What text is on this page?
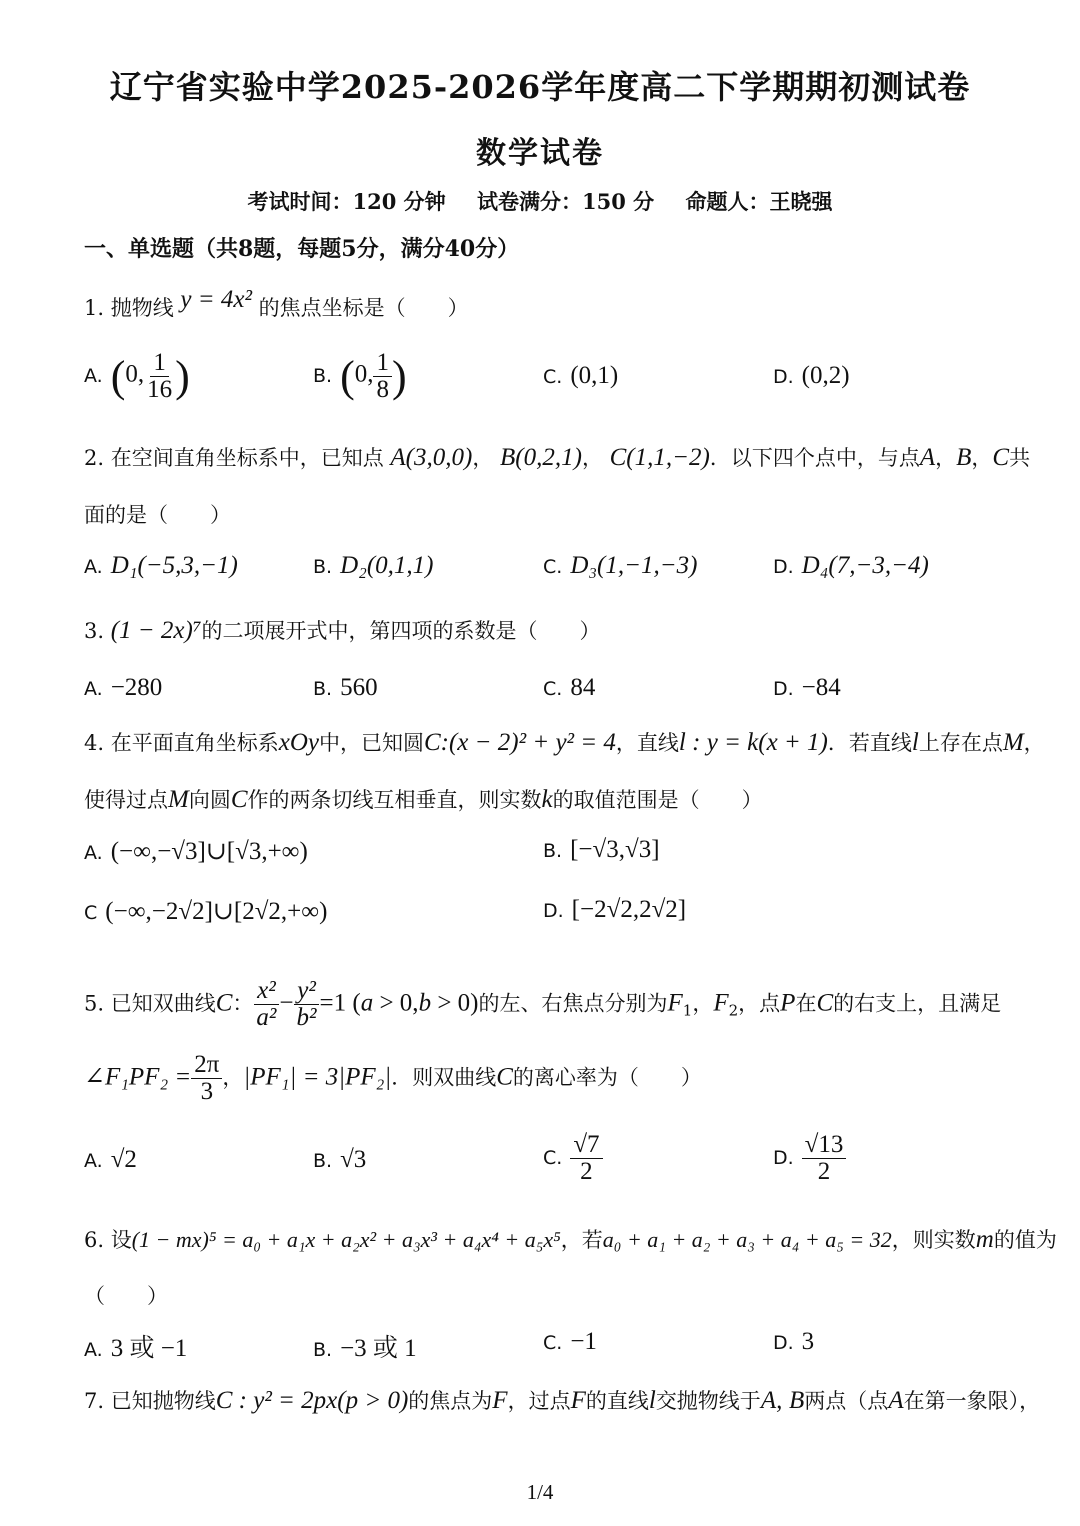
辽宁省实验中学2025-2026学年度高二下学期期初测试卷
数学试卷
考试时间：120 分钟 试卷满分：150 分 命题人：王晓强
一、单选题（共8题，每题5分，满分40分）
1. 抛物线 y = 4x² 的焦点坐标是（　　）
A. (0, $\frac{1}{16}$ )	B. (0, $\frac{1}{8}$ )	C. (0,1)	D. (0,2)
2. 在空间直角坐标系中，已知点 A(3,0,0)， B(0,2,1)， C(1,1,−2)．以下四个点中，与点A，B，C共
面的是（　　）
A. D₁(−5,3,−1)	B. D₂(0,1,1)	C. D₃(1,−1,−3)	D. D₄(7,−3,−4)
3. (1 − 2x)⁷的二项展开式中，第四项的系数是（　　）
A. −280	B. 560	C. 84	D. −84
4. 在平面直角坐标系xOy中，已知圆C:(x − 2)² + y² = 4，直线l : y = k(x + 1)．若直线l上存在点M，
使得过点M向圆C作的两条切线互相垂直，则实数k的取值范围是（　　）
A. (−∞,−√3]∪[√3,+∞)	B. [−√3,√3]
C (−∞,−2√2]∪[2√2,+∞)	D. [−2√2,2√2]
5. 已知双曲线C： $\frac{\text{x²}}{\text{a²}} - \frac{\text{y²}}{\text{b²}} =1$ (a > 0,b > 0)的左、右焦点分别为$F_1$，$F_2$，点P在C的右支上，且满足
∠F₁PF₂ = $\frac{2\pi}{3}$ ，|PF₁| = 3|PF₂|．则双曲线C的离心率为（　　）
A. √2	B. √3	C. $\frac{√7}{2}$	D. $\frac{√13}{2}$
6. 设(1 − mx)⁵ = a₀ + a₁x + a₂x² + a₃x³ + a₄x⁴ + a₅x⁵，若a₀ + a₁ + a₂ + a₃ + a₄ + a₅ = 32，则实数m的值为
（　　）
A. 3 或 −1	B. −3 或 1	C. −1	D. 3
7. 已知抛物线C : y² = 2px(p > 0)的焦点为F，过点F的直线l交抛物线于A, B两点（点A在第一象限），
1/4
